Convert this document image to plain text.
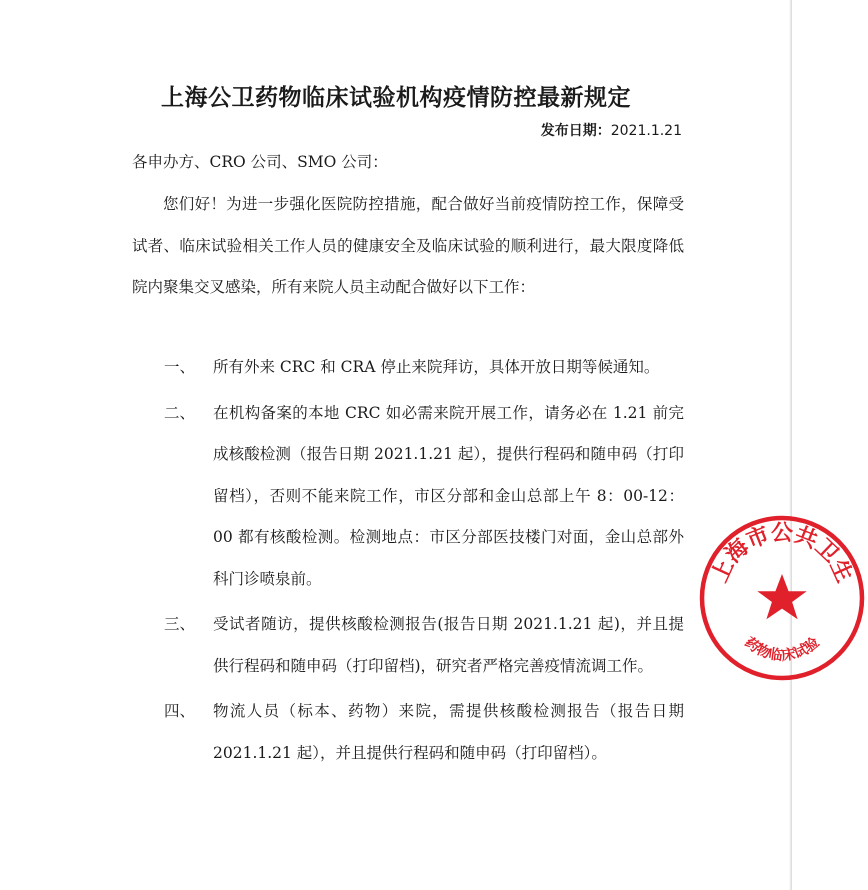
上海公卫药物临床试验机构疫情防控最新规定
发布日期：2021.1.21
各申办方、CRO 公司、SMO 公司：
您们好！为进一步强化医院防控措施，配合做好当前疫情防控工作，保障受试者、临床试验相关工作人员的健康安全及临床试验的顺利进行，最大限度降低院内聚集交叉感染，所有来院人员主动配合做好以下工作：
一、 所有外来 CRC 和 CRA 停止来院拜访，具体开放日期等候通知。
二、 在机构备案的本地 CRC 如必需来院开展工作，请务必在 1.21 前完成核酸检测（报告日期 2021.1.21 起），提供行程码和随申码（打印留档），否则不能来院工作，市区分部和金山总部上午 8：00-12：00 都有核酸检测。检测地点：市区分部医技楼门对面，金山总部外科门诊喷泉前。
三、 受试者随访，提供核酸检测报告(报告日期 2021.1.21 起)，并且提供行程码和随申码（打印留档)，研究者严格完善疫情流调工作。
四、 物流人员（标本、药物）来院，需提供核酸检测报告（报告日期 2021.1.21 起），并且提供行程码和随申码（打印留档）。
上海市公共卫生
药物临床试验
